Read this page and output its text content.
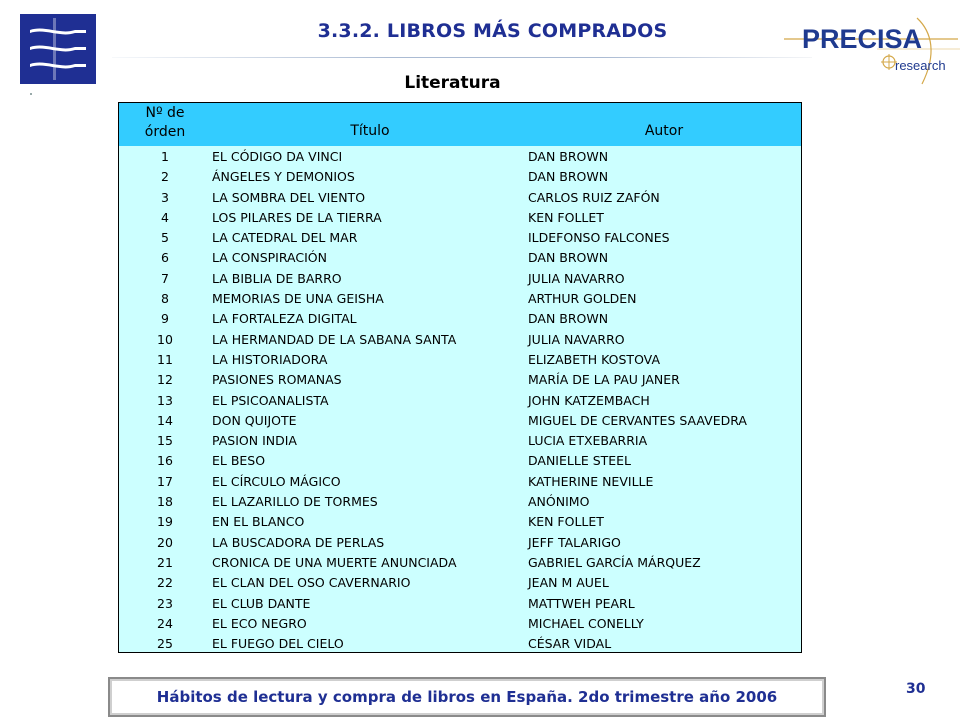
3.3.2. LIBROS MÁS COMPRADOS	PRECISA
research
Literatura
Nº de
órden	Título	Autor
1	EL CÓDIGO DA VINCI	DAN BROWN
2	ÁNGELES Y DEMONIOS	DAN BROWN
3	LA SOMBRA DEL VIENTO	CARLOS RUIZ ZAFÓN
4	LOS PILARES DE LA TIERRA	KEN FOLLET
5	LA CATEDRAL DEL MAR	ILDEFONSO FALCONES
6	LA CONSPIRACIÓN	DAN BROWN
7	LA BIBLIA DE BARRO	JULIA NAVARRO
8	MEMORIAS DE UNA GEISHA	ARTHUR GOLDEN
9	LA FORTALEZA DIGITAL	DAN BROWN
10	LA HERMANDAD DE LA SABANA SANTA	JULIA NAVARRO
11	LA HISTORIADORA	ELIZABETH KOSTOVA
12	PASIONES ROMANAS	MARÍA DE LA PAU JANER
13	EL PSICOANALISTA	JOHN KATZEMBACH
14	DON QUIJOTE	MIGUEL DE CERVANTES SAAVEDRA
15	PASION INDIA	LUCIA ETXEBARRIA
16	EL BESO	DANIELLE STEEL
17	EL CÍRCULO MÁGICO	KATHERINE NEVILLE
18	EL LAZARILLO DE TORMES	ANÓNIMO
19	EN EL BLANCO	KEN FOLLET
20	LA BUSCADORA DE PERLAS	JEFF TALARIGO
21	CRONICA DE UNA MUERTE ANUNCIADA	GABRIEL GARCÍA MÁRQUEZ
22	EL CLAN DEL OSO CAVERNARIO	JEAN M AUEL
23	EL CLUB DANTE	MATTWEH PEARL
24	EL ECO NEGRO	MICHAEL CONELLY
25	EL FUEGO DEL CIELO	CÉSAR VIDAL
Hábitos de lectura y compra de libros en España. 2do trimestre año 2006	30
